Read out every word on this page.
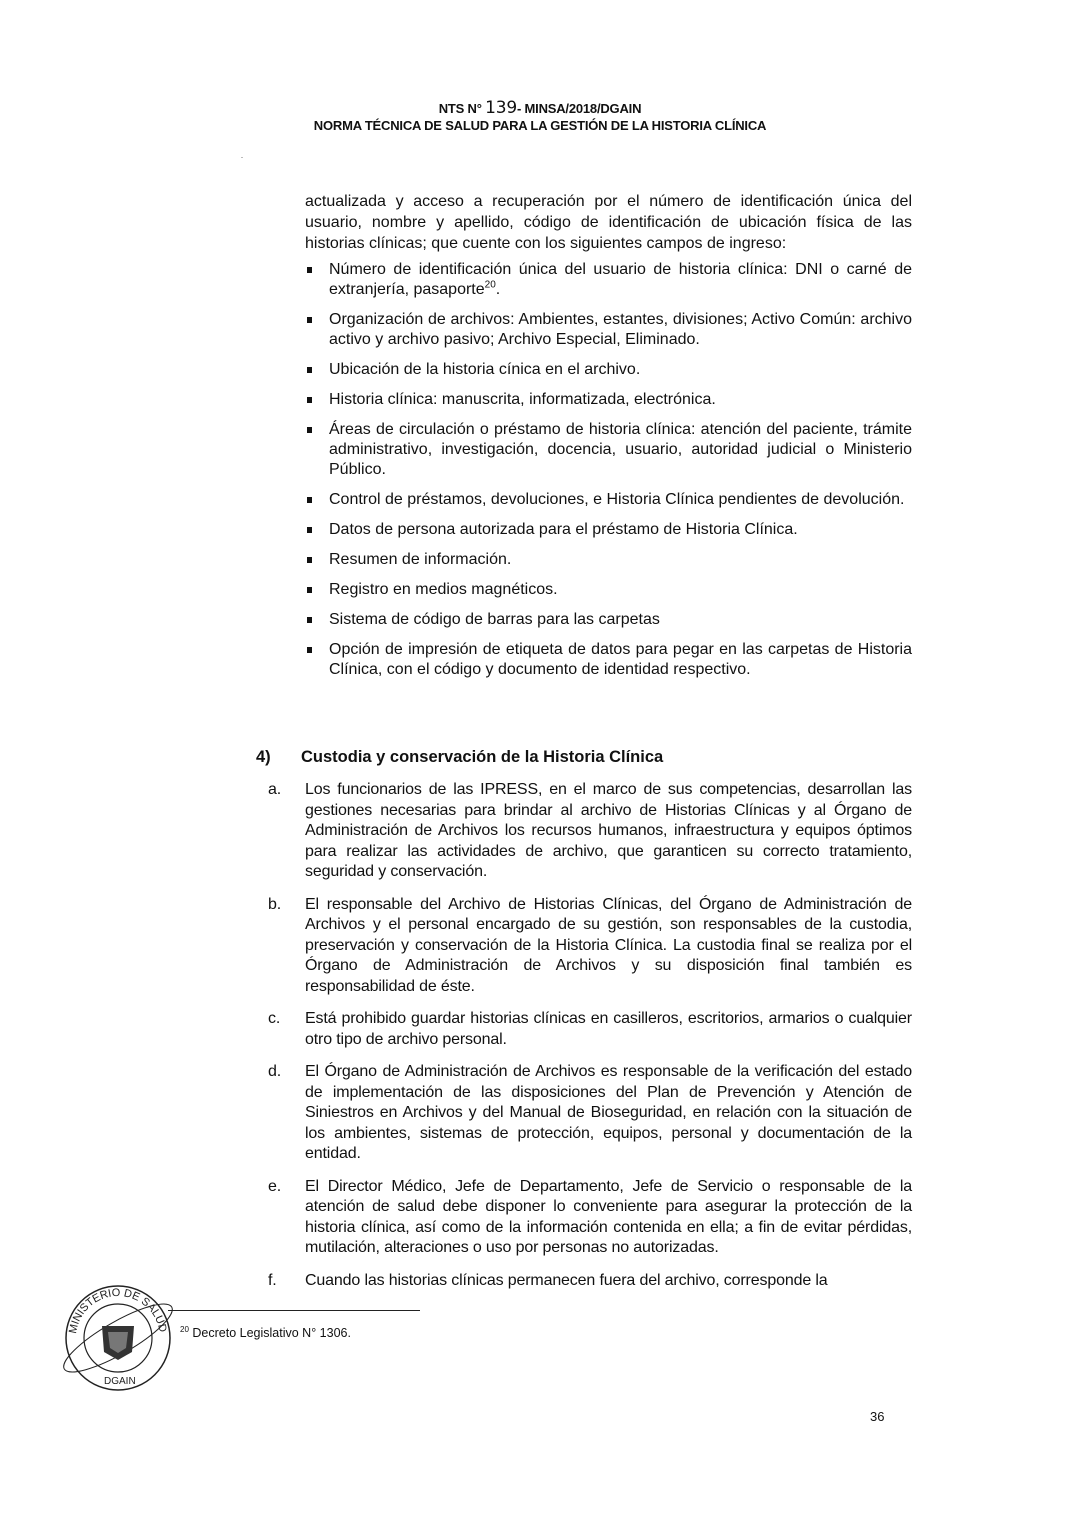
NTS N° 139- MINSA/2018/DGAIN
NORMA TÉCNICA DE SALUD PARA LA GESTIÓN DE LA HISTORIA CLÍNICA
actualizada y acceso a recuperación por el número de identificación única del usuario, nombre y apellido, código de identificación de ubicación física de las historias clínicas; que cuente con los siguientes campos de ingreso:
Número de identificación única del usuario de historia clínica: DNI o carné de extranjería, pasaporte$^{20}$.
Organización de archivos: Ambientes, estantes, divisiones; Activo Común: archivo activo y archivo pasivo; Archivo Especial, Eliminado.
Ubicación de la historia cínica en el archivo.
Historia clínica: manuscrita, informatizada, electrónica.
Áreas de circulación o préstamo de historia clínica: atención del paciente, trámite administrativo, investigación, docencia, usuario, autoridad judicial o Ministerio Público.
Control de préstamos, devoluciones, e Historia Clínica pendientes de devolución.
Datos de persona autorizada para el préstamo de Historia Clínica.
Resumen de información.
Registro en medios magnéticos.
Sistema de código de barras para las carpetas
Opción de impresión de etiqueta de datos para pegar en las carpetas de Historia Clínica, con el código y documento de identidad respectivo.
4) Custodia y conservación de la Historia Clínica
a. Los funcionarios de las IPRESS, en el marco de sus competencias, desarrollan las gestiones necesarias para brindar al archivo de Historias Clínicas y al Órgano de Administración de Archivos los recursos humanos, infraestructura y equipos óptimos para realizar las actividades de archivo, que garanticen su correcto tratamiento, seguridad y conservación.
b. El responsable del Archivo de Historias Clínicas, del Órgano de Administración de Archivos y el personal encargado de su gestión, son responsables de la custodia, preservación y conservación de la Historia Clínica. La custodia final se realiza por el Órgano de Administración de Archivos y su disposición final también es responsabilidad de éste.
c. Está prohibido guardar historias clínicas en casilleros, escritorios, armarios o cualquier otro tipo de archivo personal.
d. El Órgano de Administración de Archivos es responsable de la verificación del estado de implementación de las disposiciones del Plan de Prevención y Atención de Siniestros en Archivos y del Manual de Bioseguridad, en relación con la situación de los ambientes, sistemas de protección, equipos, personal y documentación de la entidad.
e. El Director Médico, Jefe de Departamento, Jefe de Servicio o responsable de la atención de salud debe disponer lo conveniente para asegurar la protección de la historia clínica, así como de la información contenida en ella; a fin de evitar pérdidas, mutilación, alteraciones o uso por personas no autorizadas.
f. Cuando las historias clínicas permanecen fuera del archivo, corresponde la
MINISTERIO DE SALUD
DGAIN
$^{20}$ Decreto Legislativo N° 1306.
36
